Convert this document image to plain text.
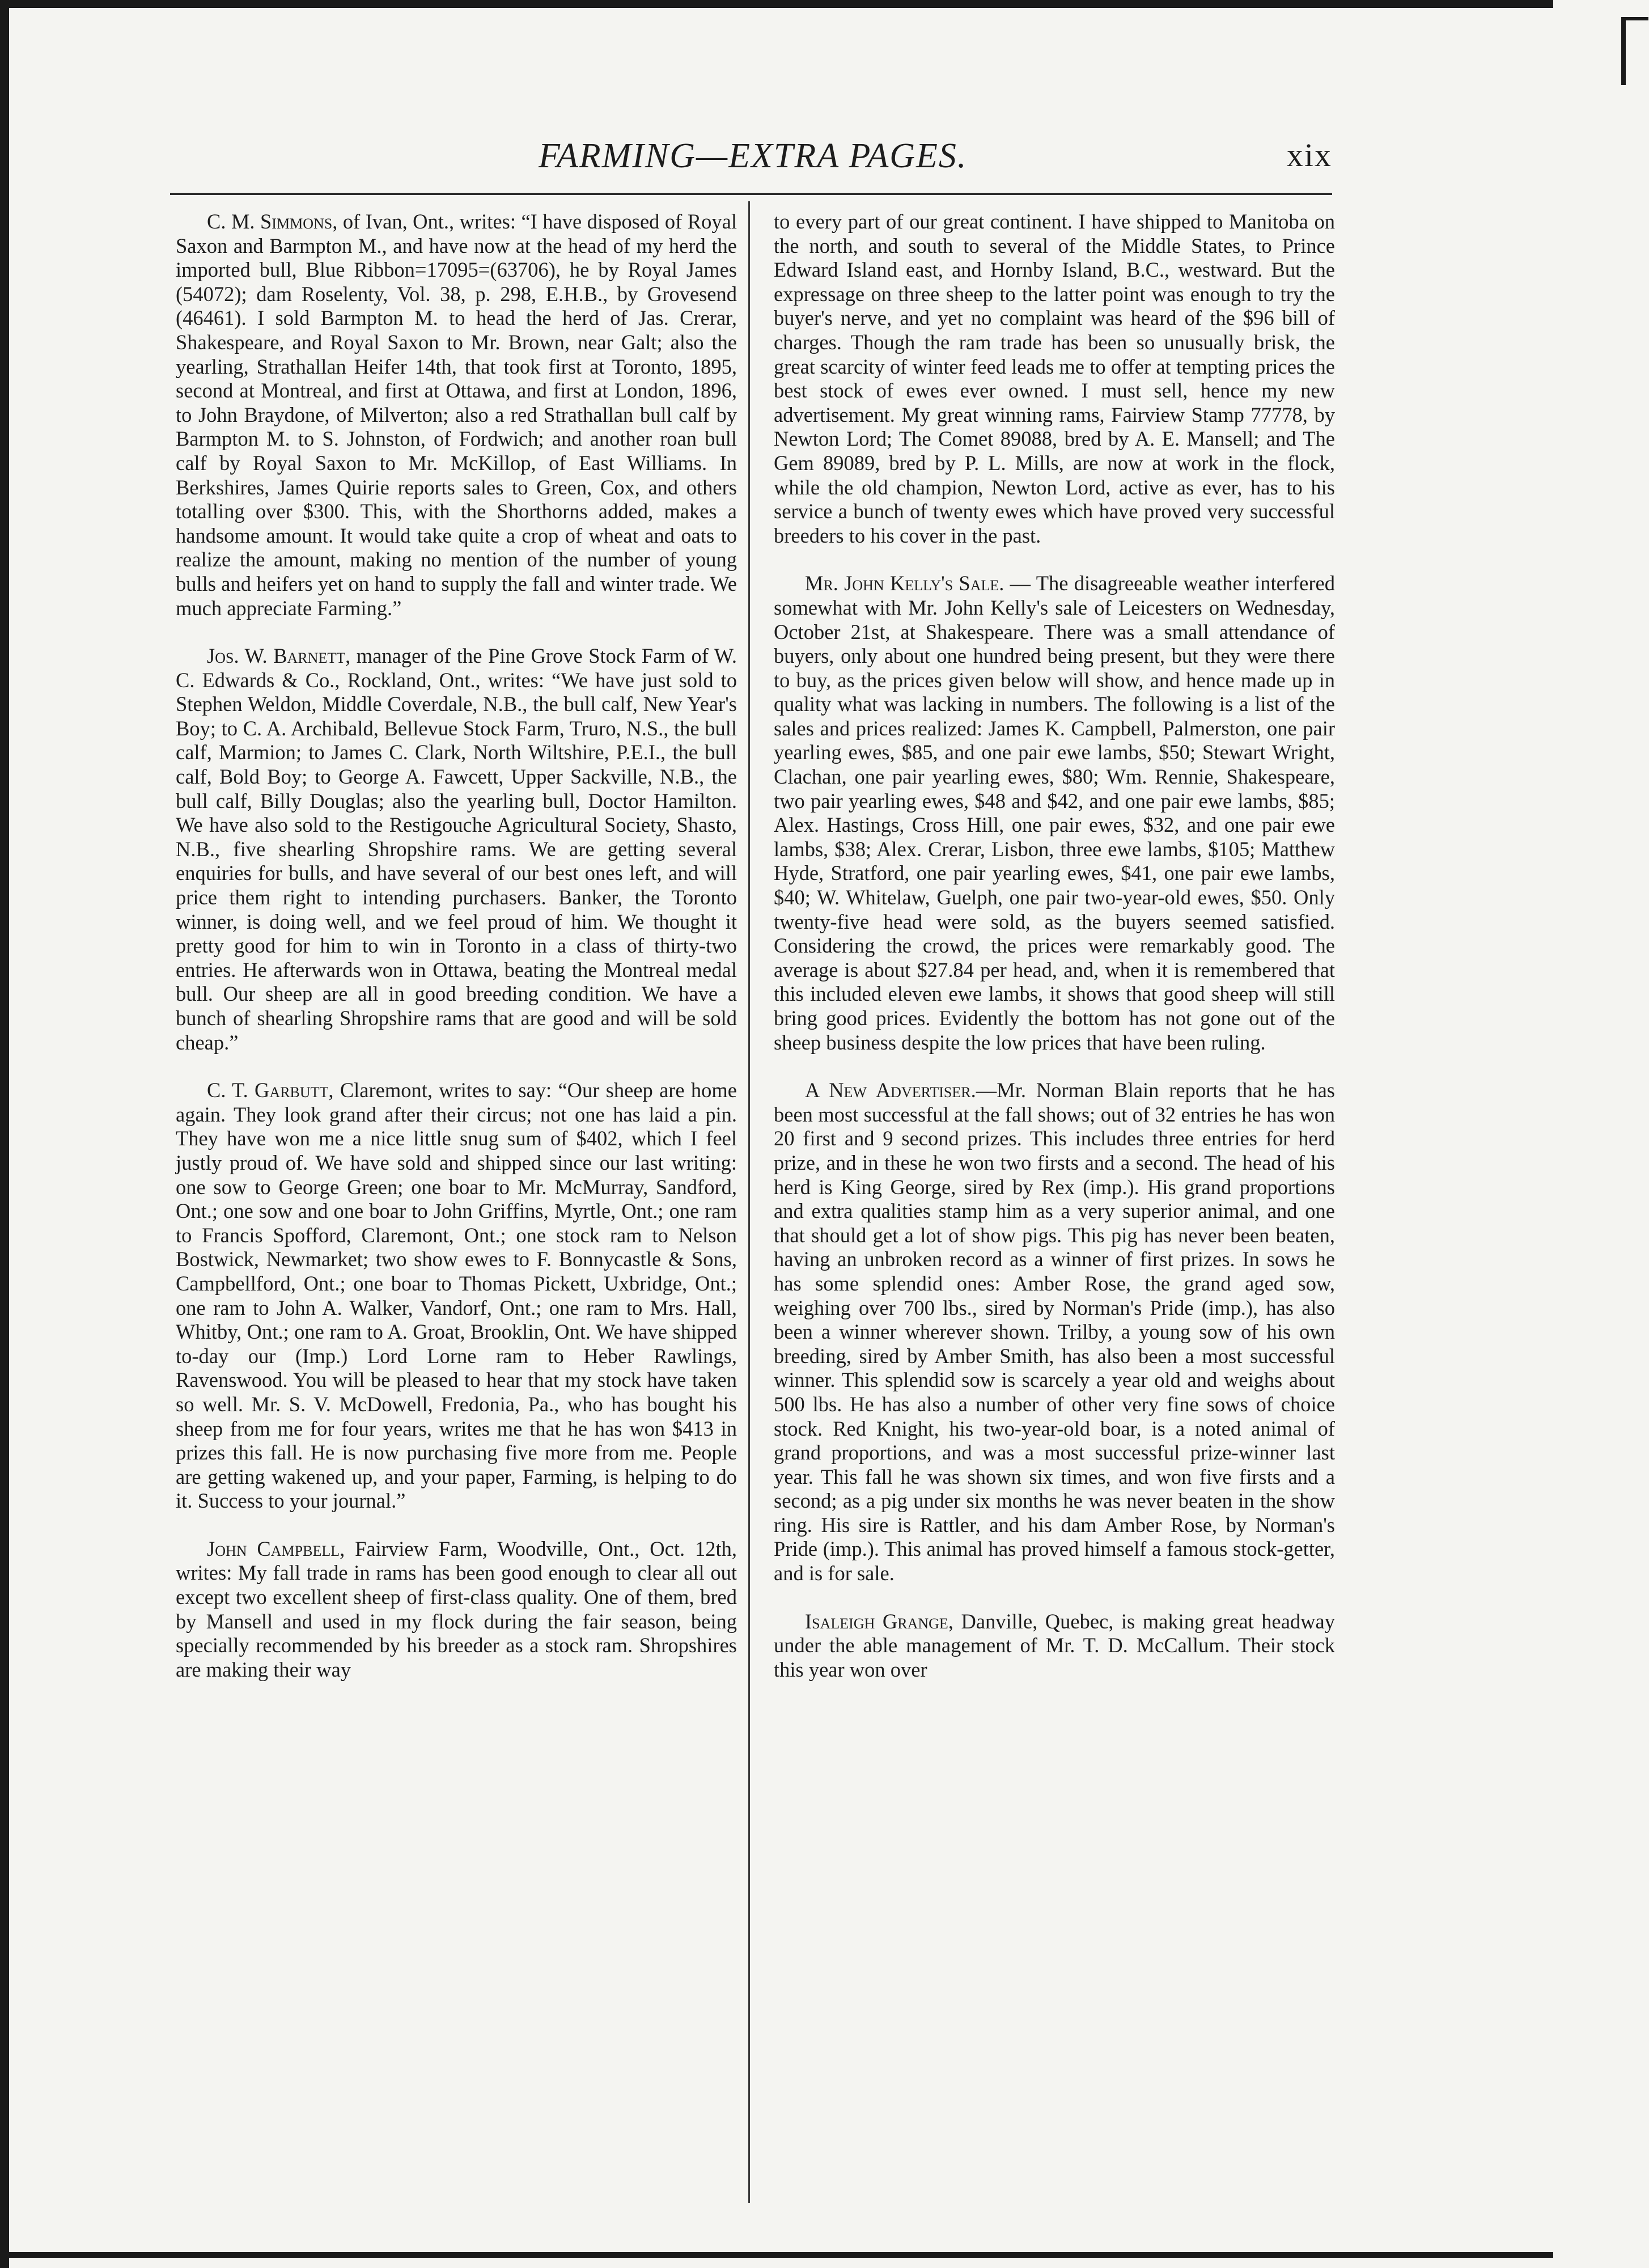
FARMING—EXTRA PAGES.	xix

C. M. Simmons, of Ivan, Ont., writes: “I have disposed of Royal Saxon and Barmpton M., and have now at the head of my herd the imported bull, Blue Ribbon=17095=(63706), he by Royal James (54072); dam Roselenty, Vol. 38, p. 298, E.H.B., by Grovesend (46461). I sold Barmpton M. to head the herd of Jas. Crerar, Shakespeare, and Royal Saxon to Mr. Brown, near Galt; also the yearling, Strathallan Heifer 14th, that took first at Toronto, 1895, second at Montreal, and first at Ottawa, and first at London, 1896, to John Braydone, of Milverton; also a red Strathallan bull calf by Barmpton M. to S. Johnston, of Fordwich; and another roan bull calf by Royal Saxon to Mr. McKillop, of East Williams. In Berkshires, James Quirie reports sales to Green, Cox, and others totalling over $300. This, with the Shorthorns added, makes a handsome amount. It would take quite a crop of wheat and oats to realize the amount, making no mention of the number of young bulls and heifers yet on hand to supply the fall and winter trade. We much appreciate Farming.”

Jos. W. Barnett, manager of the Pine Grove Stock Farm of W. C. Edwards & Co., Rockland, Ont., writes: “We have just sold to Stephen Weldon, Middle Coverdale, N.B., the bull calf, New Year's Boy; to C. A. Archibald, Bellevue Stock Farm, Truro, N.S., the bull calf, Marmion; to James C. Clark, North Wiltshire, P.E.I., the bull calf, Bold Boy; to George A. Fawcett, Upper Sackville, N.B., the bull calf, Billy Douglas; also the yearling bull, Doctor Hamilton. We have also sold to the Restigouche Agricultural Society, Shasto, N.B., five shearling Shropshire rams. We are getting several enquiries for bulls, and have several of our best ones left, and will price them right to intending purchasers. Banker, the Toronto winner, is doing well, and we feel proud of him. We thought it pretty good for him to win in Toronto in a class of thirty-two entries. He afterwards won in Ottawa, beating the Montreal medal bull. Our sheep are all in good breeding condition. We have a bunch of shearling Shropshire rams that are good and will be sold cheap.”

C. T. Garbutt, Claremont, writes to say: “Our sheep are home again. They look grand after their circus; not one has laid a pin. They have won me a nice little snug sum of $402, which I feel justly proud of. We have sold and shipped since our last writing: one sow to George Green; one boar to Mr. McMurray, Sandford, Ont.; one sow and one boar to John Griffins, Myrtle, Ont.; one ram to Francis Spofford, Claremont, Ont.; one stock ram to Nelson Bostwick, Newmarket; two show ewes to F. Bonnycastle & Sons, Campbellford, Ont.; one boar to Thomas Pickett, Uxbridge, Ont.; one ram to John A. Walker, Vandorf, Ont.; one ram to Mrs. Hall, Whitby, Ont.; one ram to A. Groat, Brooklin, Ont. We have shipped to-day our (Imp.) Lord Lorne ram to Heber Rawlings, Ravenswood. You will be pleased to hear that my stock have taken so well. Mr. S. V. McDowell, Fredonia, Pa., who has bought his sheep from me for four years, writes me that he has won $413 in prizes this fall. He is now purchasing five more from me. People are getting wakened up, and your paper, Farming, is helping to do it. Success to your journal.”

John Campbell, Fairview Farm, Woodville, Ont., Oct. 12th, writes: My fall trade in rams has been good enough to clear all out except two excellent sheep of first-class quality. One of them, bred by Mansell and used in my flock during the fair season, being specially recommended by his breeder as a stock ram. Shropshires are making their way

to every part of our great continent. I have shipped to Manitoba on the north, and south to several of the Middle States, to Prince Edward Island east, and Hornby Island, B.C., westward. But the expressage on three sheep to the latter point was enough to try the buyer's nerve, and yet no complaint was heard of the $96 bill of charges. Though the ram trade has been so unusually brisk, the great scarcity of winter feed leads me to offer at tempting prices the best stock of ewes ever owned. I must sell, hence my new advertisement. My great winning rams, Fairview Stamp 77778, by Newton Lord; The Comet 89088, bred by A. E. Mansell; and The Gem 89089, bred by P. L. Mills, are now at work in the flock, while the old champion, Newton Lord, active as ever, has to his service a bunch of twenty ewes which have proved very successful breeders to his cover in the past.

Mr. John Kelly's Sale. — The disagreeable weather interfered somewhat with Mr. John Kelly's sale of Leicesters on Wednesday, October 21st, at Shakespeare. There was a small attendance of buyers, only about one hundred being present, but they were there to buy, as the prices given below will show, and hence made up in quality what was lacking in numbers. The following is a list of the sales and prices realized: James K. Campbell, Palmerston, one pair yearling ewes, $85, and one pair ewe lambs, $50; Stewart Wright, Clachan, one pair yearling ewes, $80; Wm. Rennie, Shakespeare, two pair yearling ewes, $48 and $42, and one pair ewe lambs, $85; Alex. Hastings, Cross Hill, one pair ewes, $32, and one pair ewe lambs, $38; Alex. Crerar, Lisbon, three ewe lambs, $105; Matthew Hyde, Stratford, one pair yearling ewes, $41, one pair ewe lambs, $40; W. Whitelaw, Guelph, one pair two-year-old ewes, $50. Only twenty-five head were sold, as the buyers seemed satisfied. Considering the crowd, the prices were remarkably good. The average is about $27.84 per head, and, when it is remembered that this included eleven ewe lambs, it shows that good sheep will still bring good prices. Evidently the bottom has not gone out of the sheep business despite the low prices that have been ruling.

A New Advertiser.—Mr. Norman Blain reports that he has been most successful at the fall shows; out of 32 entries he has won 20 first and 9 second prizes. This includes three entries for herd prize, and in these he won two firsts and a second. The head of his herd is King George, sired by Rex (imp.). His grand proportions and extra qualities stamp him as a very superior animal, and one that should get a lot of show pigs. This pig has never been beaten, having an unbroken record as a winner of first prizes. In sows he has some splendid ones: Amber Rose, the grand aged sow, weighing over 700 lbs., sired by Norman's Pride (imp.), has also been a winner wherever shown. Trilby, a young sow of his own breeding, sired by Amber Smith, has also been a most successful winner. This splendid sow is scarcely a year old and weighs about 500 lbs. He has also a number of other very fine sows of choice stock. Red Knight, his two-year-old boar, is a noted animal of grand proportions, and was a most successful prize-winner last year. This fall he was shown six times, and won five firsts and a second; as a pig under six months he was never beaten in the show ring. His sire is Rattler, and his dam Amber Rose, by Norman's Pride (imp.). This animal has proved himself a famous stock-getter, and is for sale.

Isaleigh Grange, Danville, Quebec, is making great headway under the able management of Mr. T. D. McCallum. Their stock this year won over
